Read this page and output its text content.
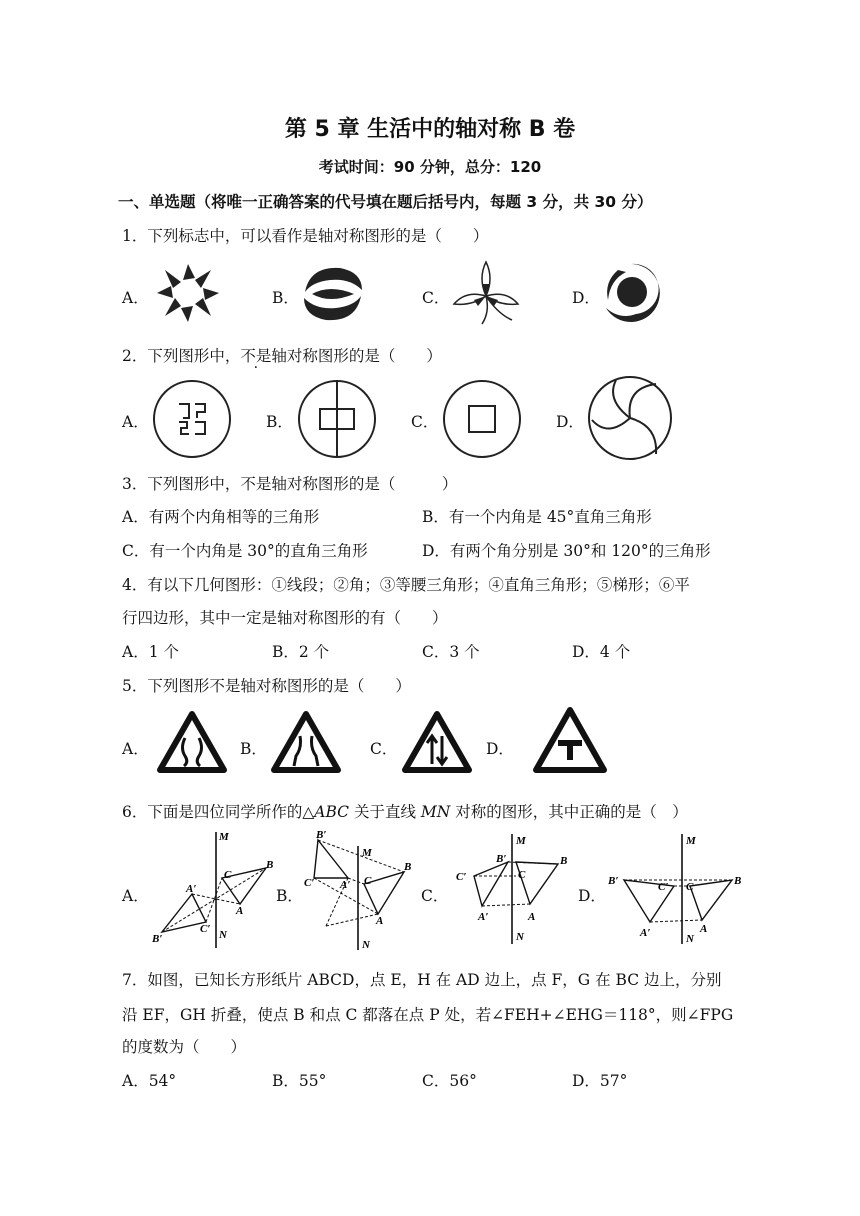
第 5 章 生活中的轴对称 B 卷
考试时间：90 分钟，总分：120
一、单选题（将唯一正确答案的代号填在题后括号内，每题 3 分，共 30 分）
1．下列标志中，可以看作是轴对称图形的是（　　）
A．	B．	C．	D．
2．下列图形中，不是轴对称图形的是（　　）
A．	B．	C．	D．
3．下列图形中，不是轴对称图形的是（　　　）
A．有两个内角相等的三角形	B．有一个内角是 45°直角三角形
C．有一个内角是 30°的直角三角形	D．有两个角分别是 30°和 120°的三角形
4．有以下几何图形：①线段；②角；③等腰三角形；④直角三角形；⑤梯形；⑥平
行四边形，其中一定是轴对称图形的有（　　）
A．1 个	B．2 个	C．3 个	D．4 个
5．下列图形不是轴对称图形的是（　　）
A．	B．	C．	D．
6．下面是四位同学所作的△ABC 关于直线 MN 对称的图形，其中正确的是（　）
A．	B．	C．	D．
M
N
C
B
A
A′
B′
C′
B′
M
C′ A′ C
B
A
N
M
B′	B
C′	C
A′	A
N
M
B′	C′ C	B
A′	A
N
7．如图，已知长方形纸片 ABCD，点 E，H 在 AD 边上，点 F，G 在 BC 边上，分别
沿 EF，GH 折叠，使点 B 和点 C 都落在点 P 处，若∠FEH+∠EHG＝118°，则∠FPG
的度数为（　　）
A．54°	B．55°	C．56°	D．57°
